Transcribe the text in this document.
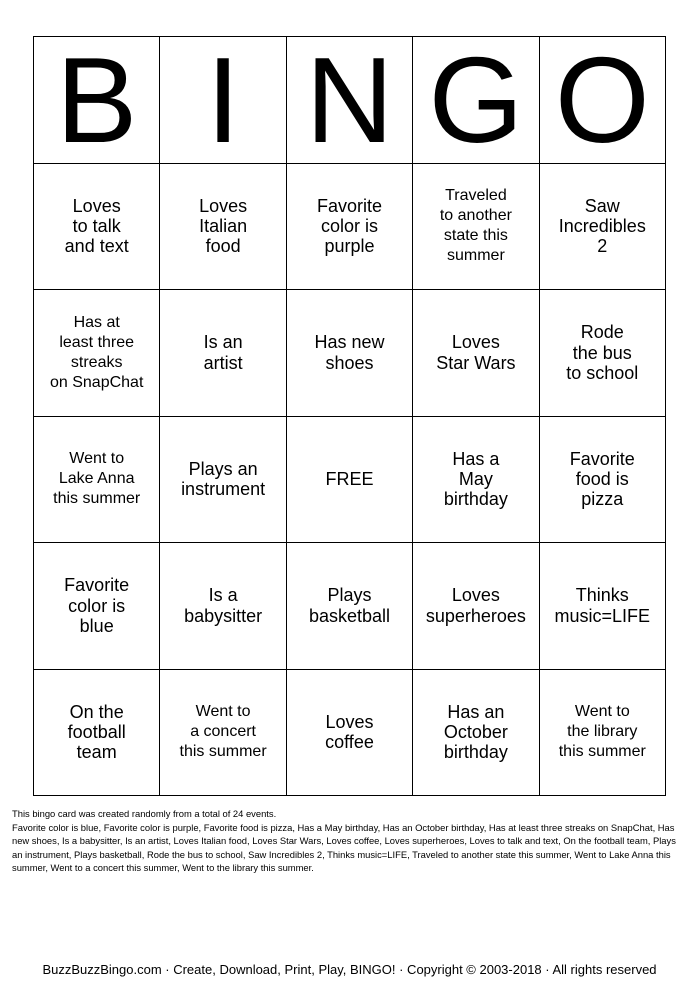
B I N G O
Loves
to talk
and text
Loves
Italian
food
Favorite
color is
purple
Traveled
to another
state this
summer
Saw
Incredibles
2
Has at
least three
streaks
on SnapChat
Is an
artist
Has new
shoes
Loves
Star Wars
Rode
the bus
to school
Went to
Lake Anna
this summer
Plays an
instrument
FREE
Has a
May
birthday
Favorite
food is
pizza
Favorite
color is
blue
Is a
babysitter
Plays
basketball
Loves
superheroes
Thinks
music=LIFE
On the
football
team
Went to
a concert
this summer
Loves
coffee
Has an
October
birthday
Went to
the library
this summer

This bingo card was created randomly from a total of 24 events.

Favorite color is blue, Favorite color is purple, Favorite food is pizza, Has a May birthday, Has an October birthday, Has at least three streaks on SnapChat, Has new shoes, Is a babysitter, Is an artist, Loves Italian food, Loves Star Wars, Loves coffee, Loves superheroes, Loves to talk and text, On the football team, Plays an instrument, Plays basketball, Rode the bus to school, Saw Incredibles 2, Thinks music=LIFE, Traveled to another state this summer, Went to Lake Anna this summer, Went to a concert this summer, Went to the library this summer.

BuzzBuzzBingo.com · Create, Download, Print, Play, BINGO! · Copyright © 2003-2018 · All rights reserved
